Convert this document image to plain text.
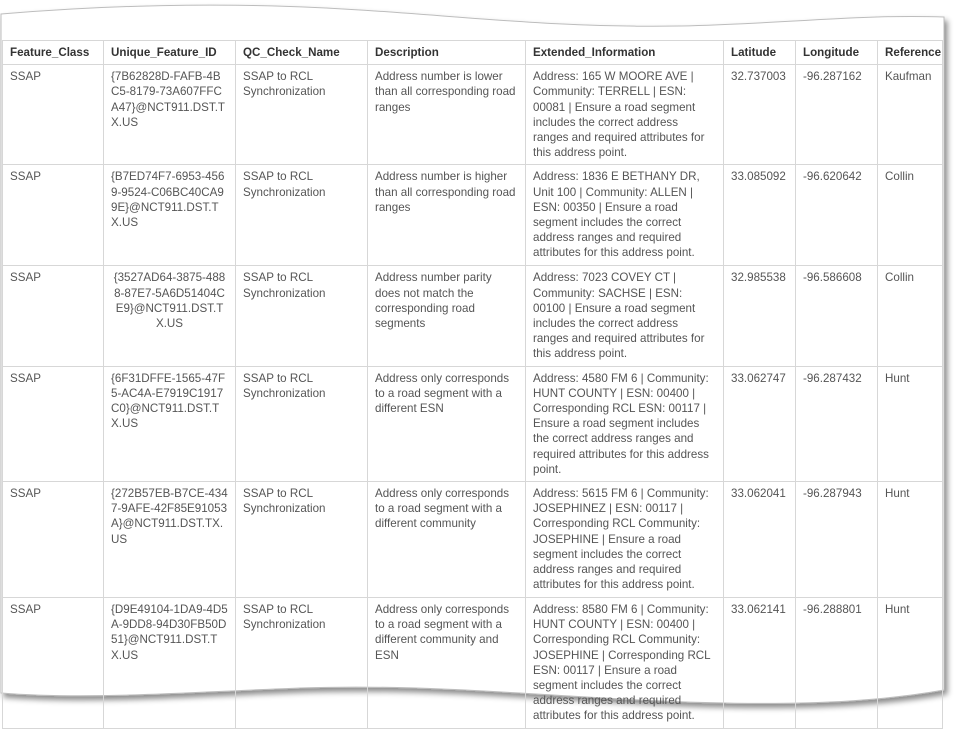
Feature_Class	Unique_Feature_ID	QC_Check_Name	Description	Extended_Information	Latitude	Longitude	Reference
SSAP	{7B62828D-FAFB-4BC5-8179-73A607FFCA47}@NCT911.DST.TX.US	SSAP to RCL Synchronization	Address number is lower than all corresponding road ranges	Address: 165 W MOORE AVE | Community: TERRELL | ESN: 00081 | Ensure a road segment includes the correct address ranges and required attributes for this address point.	32.737003	-96.287162	Kaufman
SSAP	{B7ED74F7-6953-4569-9524-C06BC40CA99E}@NCT911.DST.TX.US	SSAP to RCL Synchronization	Address number is higher than all corresponding road ranges	Address: 1836 E BETHANY DR, Unit 100 | Community: ALLEN | ESN: 00350 | Ensure a road segment includes the correct address ranges and required attributes for this address point.	33.085092	-96.620642	Collin
SSAP	{3527AD64-3875-4888-87E7-5A6D51404CE9}@NCT911.DST.TX.US	SSAP to RCL Synchronization	Address number parity does not match the corresponding road segments	Address: 7023 COVEY CT | Community: SACHSE | ESN: 00100 | Ensure a road segment includes the correct address ranges and required attributes for this address point.	32.985538	-96.586608	Collin
SSAP	{6F31DFFE-1565-47F5-AC4A-E7919C1917C0}@NCT911.DST.TX.US	SSAP to RCL Synchronization	Address only corresponds to a road segment with a different ESN	Address: 4580 FM 6 | Community: HUNT COUNTY | ESN: 00400 | Corresponding RCL ESN: 00117 | Ensure a road segment includes the correct address ranges and required attributes for this address point.	33.062747	-96.287432	Hunt
SSAP	{272B57EB-B7CE-4347-9AFE-42F85E91053A}@NCT911.DST.TX.US	SSAP to RCL Synchronization	Address only corresponds to a road segment with a different community	Address: 5615 FM 6 | Community: JOSEPHINEZ | ESN: 00117 | Corresponding RCL Community: JOSEPHINE | Ensure a road segment includes the correct address ranges and required attributes for this address point.	33.062041	-96.287943	Hunt
SSAP	{D9E49104-1DA9-4D5A-9DD8-94D30FB50D51}@NCT911.DST.TX.US	SSAP to RCL Synchronization	Address only corresponds to a road segment with a different community and ESN	Address: 8580 FM 6 | Community: HUNT COUNTY | ESN: 00400 | Corresponding RCL Community: JOSEPHINE | Corresponding RCL ESN: 00117 | Ensure a road segment includes the correct address ranges and required attributes for this address point.	33.062141	-96.288801	Hunt
